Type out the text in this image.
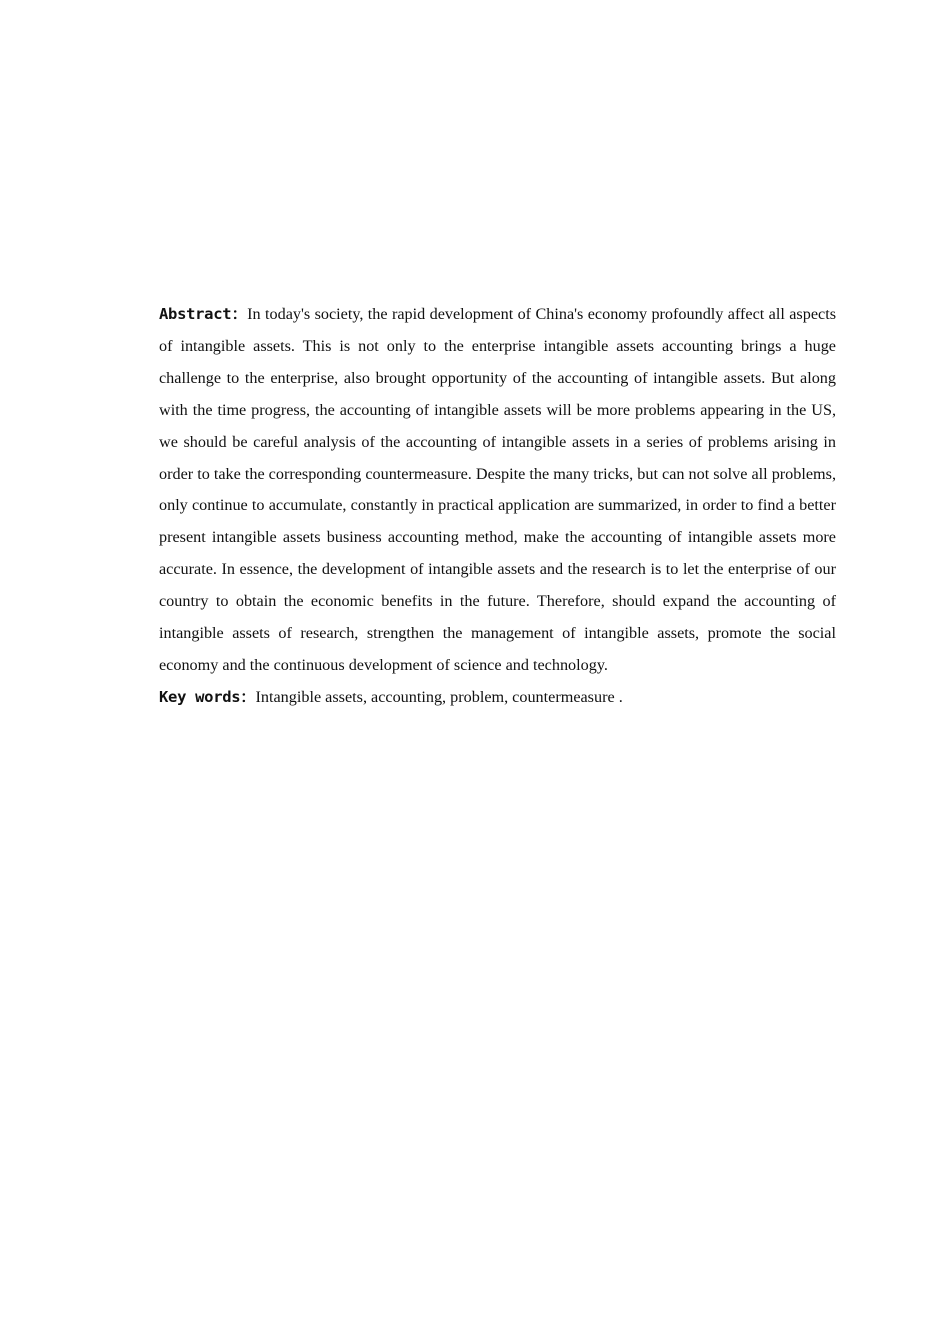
Abstract：In today's society, the rapid development of China's economy profoundly affect all aspects of intangible assets. This is not only to the enterprise intangible assets accounting brings a huge challenge to the enterprise, also brought opportunity of the accounting of intangible assets. But along with the time progress, the accounting of intangible assets will be more problems appearing in the US, we should be careful analysis of the accounting of intangible assets in a series of problems arising in order to take the corresponding countermeasure. Despite the many tricks, but can not solve all problems, only continue to accumulate, constantly in practical application are summarized, in order to find a better present intangible assets business accounting method, make the accounting of intangible assets more accurate. In essence, the development of intangible assets and the research is to let the enterprise of our country to obtain the economic benefits in the future. Therefore, should expand the accounting of intangible assets of research, strengthen the management of intangible assets, promote the social economy and the continuous development of science and technology.

Key words：Intangible assets, accounting, problem, countermeasure .
